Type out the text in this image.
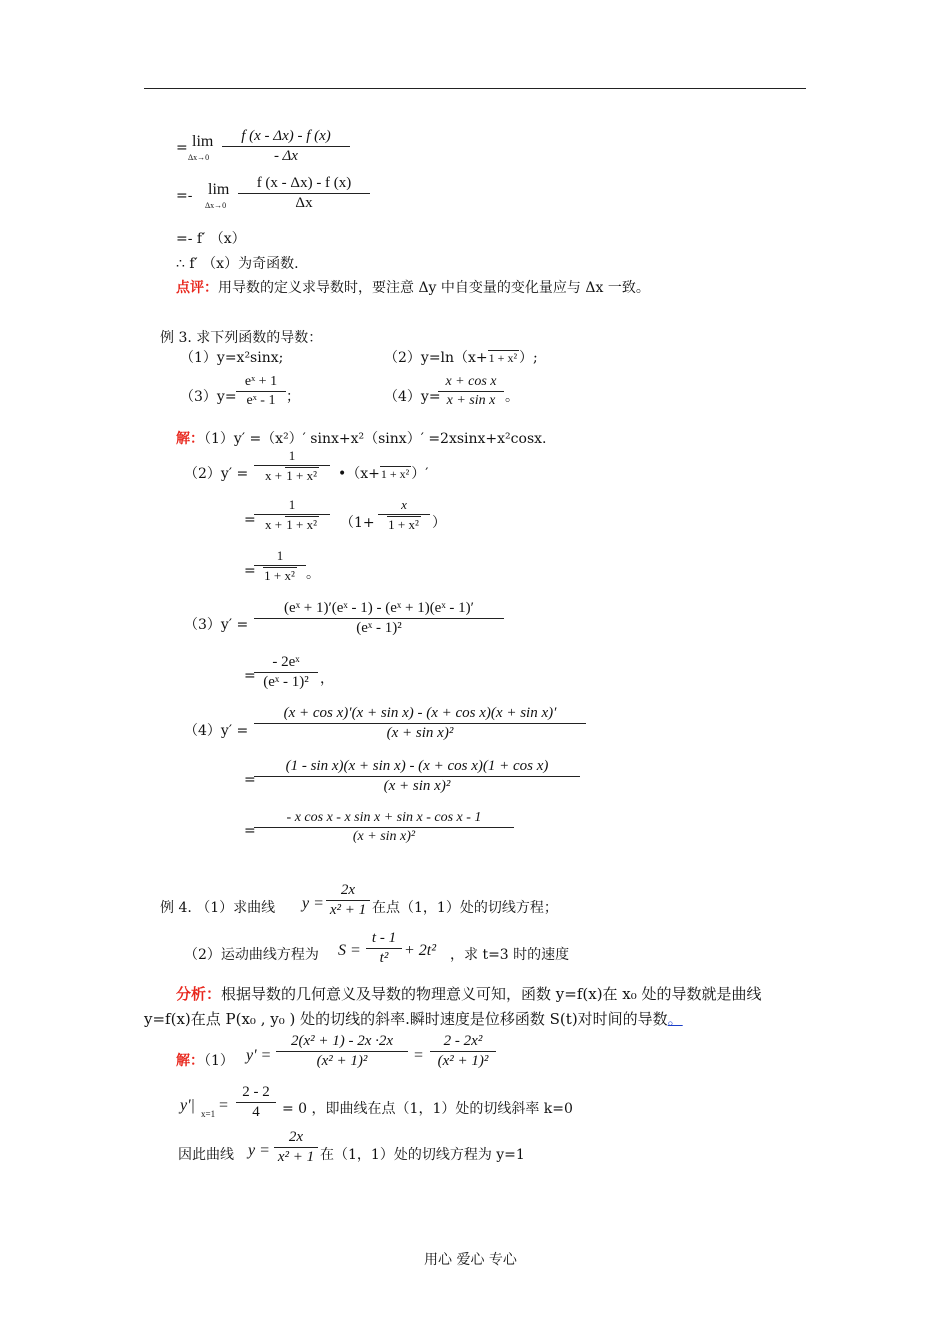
= lim
Δx→0
f (x - Δx) - f (x)
- Δx
=- lim
Δx→0
f (x - Δx) - f (x)
Δx
=- f′ （x）
∴ f′ （x）为奇函数.
点评：用导数的定义求导数时，要注意 Δy 中自变量的变化量应与 Δx 一致。
例 3. 求下列函数的导数：
（1）y=x²sinx;	（2）y=ln（x+1 + x² ）;
（3）y=
eˣ + 1
eˣ - 1 ；	（4）y=
x + cos x
x + sin x 。
解：（1）y′ =（x²）′ sinx+x²（sinx）′ =2xsinx+x²cosx.
（2）y′ =
1
x + 1 + x²	•（x+1 + x² ）′
=
1
x + 1 + x²	（1+
x
1 + x² ）
=
1
1 + x² 。
（3）y′ =
(eˣ + 1)′(eˣ - 1) - (eˣ + 1)(eˣ - 1)′
(eˣ - 1)²
=
- 2eˣ
(eˣ - 1)² ，
（4）y′ =
(x + cos x)′(x + sin x) - (x + cos x)(x + sin x)′
(x + sin x)²
=
(1 - sin x)(x + sin x) - (x + cos x)(1 + cos x)
(x + sin x)²
=
- x cos x - x sin x + sin x - cos x - 1
(x + sin x)²
例 4. （1）求曲线 y =
2x
x² + 1 在点（1，1）处的切线方程；
（2）运动曲线方程为 S =
t - 1
t² + 2t² ，求 t=3 时的速度
分析：根据导数的几何意义及导数的物理意义可知，函数 y=f(x)在 x₀ 处的导数就是曲线
y=f(x)在点 P(x₀ , y₀ ) 处的切线的斜率.瞬时速度是位移函数 S(t)对时间的导数。
解：（1） y' =
2(x² + 1) - 2x ·2x
(x² + 1)²	=
2 - 2x²
(x² + 1)²
y'| x=1 =
2 - 2
4	= 0 ，即曲线在点（1，1）处的切线斜率 k=0
因此曲线 y =
2x
x² + 1 在（1，1）处的切线方程为 y=1
用心 爱心 专心
